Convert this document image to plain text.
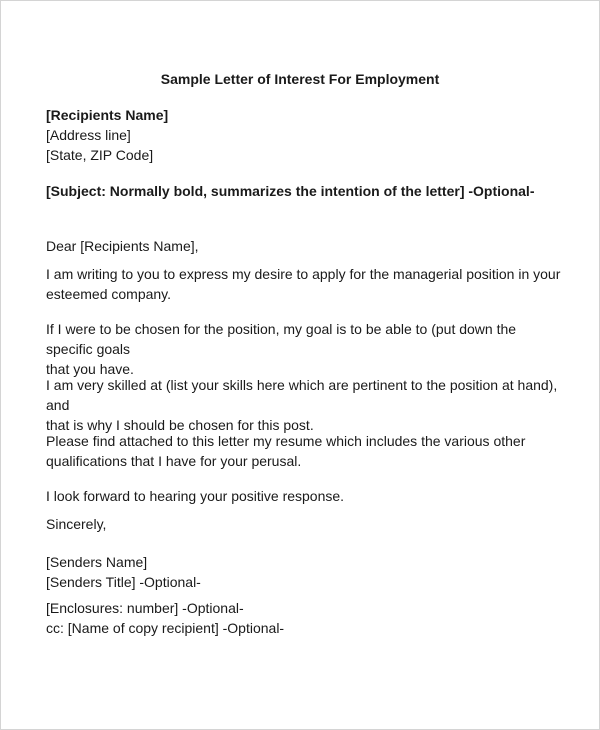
Sample Letter of Interest For Employment

[Recipients Name]

[Address line]

[State, ZIP Code]

[Subject: Normally bold, summarizes the intention of the letter] -Optional-
Dear [Recipients Name],

I am writing to you to express my desire to apply for the managerial position in your

esteemed company.

If I were to be chosen for the position, my goal is to be able to (put down the specific goals

that you have.

I am very skilled at (list your skills here which are pertinent to the position at hand), and

that is why I should be chosen for this post.

Please find attached to this letter my resume which includes the various other

qualifications that I have for your perusal.

I look forward to hearing your positive response.

Sincerely,

[Senders Name]

[Senders Title] -Optional-

[Enclosures: number] -Optional-

cc: [Name of copy recipient] -Optional-
